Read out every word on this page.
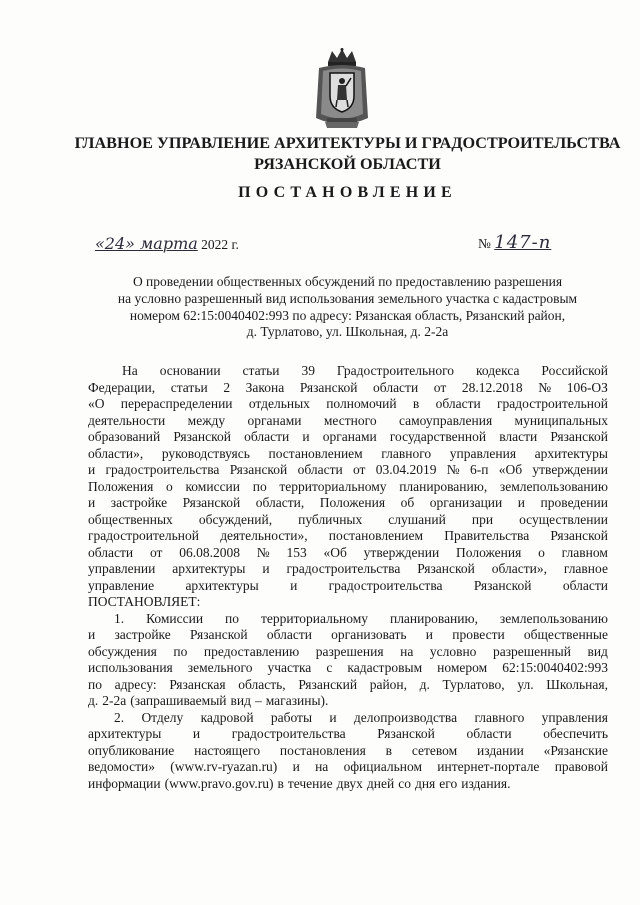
ГЛАВНОЕ УПРАВЛЕНИЕ АРХИТЕКТУРЫ И ГРАДОСТРОИТЕЛЬСТВА
РЯЗАНСКОЙ ОБЛАСТИ
ПОСТАНОВЛЕНИЕ
«24» марта 2022 г.	№ 147-п
О проведении общественных обсуждений по предоставлению разрешения
на условно разрешенный вид использования земельного участка с кадастровым
номером 62:15:0040402:993 по адресу: Рязанская область, Рязанский район,
д. Турлатово, ул. Школьная, д. 2-2а
На основании статьи 39 Градостроительного кодекса Российской
Федерации, статьи 2 Закона Рязанской области от 28.12.2018 № 106-ОЗ
«О перераспределении отдельных полномочий в области градостроительной
деятельности между органами местного самоуправления муниципальных
образований Рязанской области и органами государственной власти Рязанской
области», руководствуясь постановлением главного управления архитектуры
и градостроительства Рязанской области от 03.04.2019 № 6-п «Об утверждении
Положения о комиссии по территориальному планированию, землепользованию
и застройке Рязанской области, Положения об организации и проведении
общественных обсуждений, публичных слушаний при осуществлении
градостроительной деятельности», постановлением Правительства Рязанской
области от 06.08.2008 № 153 «Об утверждении Положения о главном
управлении архитектуры и градостроительства Рязанской области», главное
управление архитектуры и градостроительства Рязанской области
ПОСТАНОВЛЯЕТ:
1. Комиссии по территориальному планированию, землепользованию
и застройке Рязанской области организовать и провести общественные
обсуждения по предоставлению разрешения на условно разрешенный вид
использования земельного участка с кадастровым номером 62:15:0040402:993
по адресу: Рязанская область, Рязанский район, д. Турлатово, ул. Школьная,
д. 2-2а (запрашиваемый вид – магазины).
2. Отделу кадровой работы и делопроизводства главного управления
архитектуры и градостроительства Рязанской области обеспечить
опубликование настоящего постановления в сетевом издании «Рязанские
ведомости» (www.rv-ryazan.ru) и на официальном интернет-портале правовой
информации (www.pravo.gov.ru) в течение двух дней со дня его издания.
